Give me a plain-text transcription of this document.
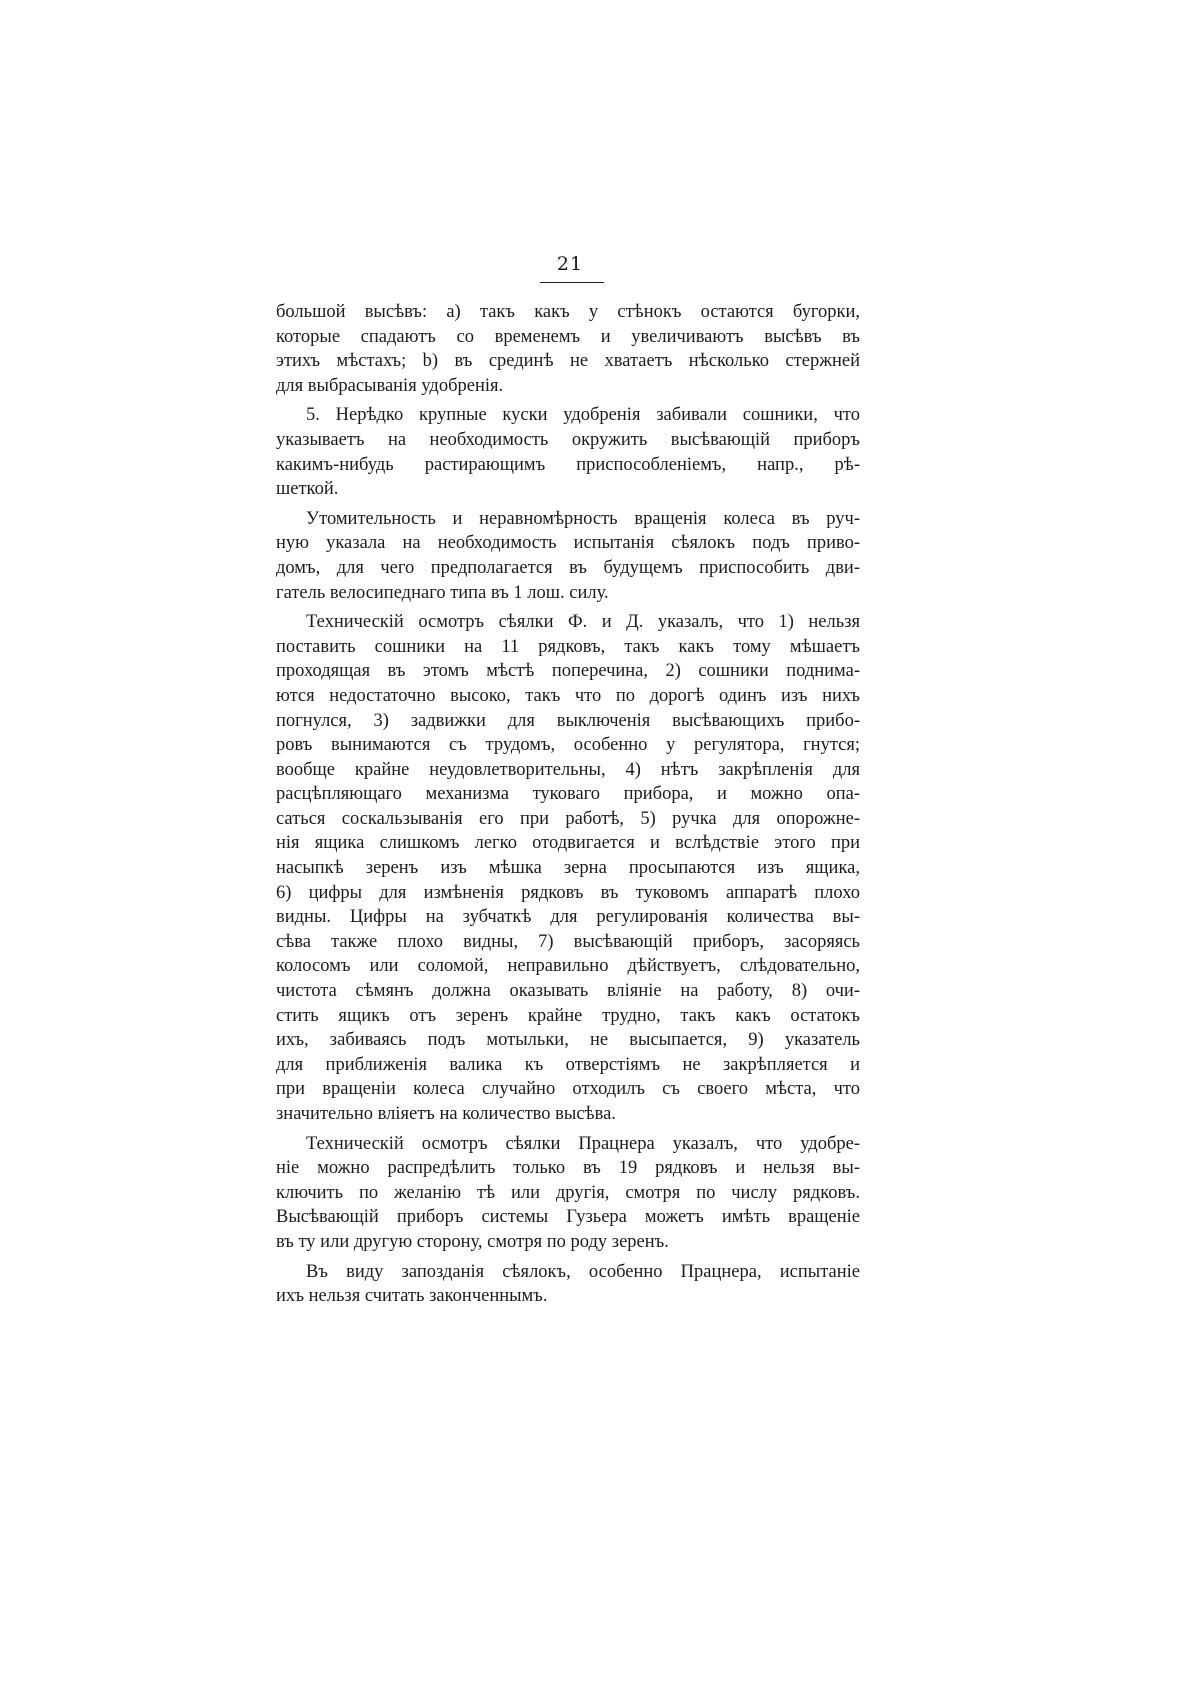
21
большой высѣвъ: а) такъ какъ у стѣнокъ остаются бугорки,
которые спадаютъ со временемъ и увеличиваютъ высѣвъ въ
этихъ мѣстахъ; b) въ срединѣ не хватаетъ нѣсколько стержней
для выбрасыванія удобренія.
5. Нерѣдко крупные куски удобренія забивали сошники, что
указываетъ на необходимость окружить высѣвающій приборъ
какимъ-нибудь растирающимъ приспособленіемъ, напр., рѣ-
шеткой.
Утомительность и неравномѣрность вращенія колеса въ руч-
ную указала на необходимость испытанія сѣялокъ подъ приво-
домъ, для чего предполагается въ будущемъ приспособить дви-
гатель велосипеднаго типа въ 1 лош. силу.
Техническій осмотръ сѣялки Ф. и Д. указалъ, что 1) нельзя
поставить сошники на 11 рядковъ, такъ какъ тому мѣшаетъ
проходящая въ этомъ мѣстѣ поперечина, 2) сошники поднима-
ются недостаточно высоко, такъ что по дорогѣ одинъ изъ нихъ
погнулся, 3) задвижки для выключенія высѣвающихъ прибо-
ровъ вынимаются съ трудомъ, особенно у регулятора, гнутся;
вообще крайне неудовлетворительны, 4) нѣтъ закрѣпленія для
расцѣпляющаго механизма туковаго прибора, и можно опа-
саться соскальзыванія его при работѣ, 5) ручка для опорожне-
нія ящика слишкомъ легко отодвигается и вслѣдствіе этого при
насыпкѣ зеренъ изъ мѣшка зерна просыпаются изъ ящика,
6) цифры для измѣненія рядковъ въ туковомъ аппаратѣ плохо
видны. Цифры на зубчаткѣ для регулированія количества вы-
сѣва также плохо видны, 7) высѣвающій приборъ, засоряясь
колосомъ или соломой, неправильно дѣйствуетъ, слѣдовательно,
чистота сѣмянъ должна оказывать вліяніе на работу, 8) очи-
стить ящикъ отъ зеренъ крайне трудно, такъ какъ остатокъ
ихъ, забиваясь подъ мотыльки, не высыпается, 9) указатель
для приближенія валика къ отверстіямъ не закрѣпляется и
при вращеніи колеса случайно отходилъ съ своего мѣста, что
значительно вліяетъ на количество высѣва.
Техническій осмотръ сѣялки Працнера указалъ, что удобре-
ніе можно распредѣлить только въ 19 рядковъ и нельзя вы-
ключить по желанію тѣ или другія, смотря по числу рядковъ.
Высѣвающій приборъ системы Гузьера можетъ имѣть вращеніе
въ ту или другую сторону, смотря по роду зеренъ.
Въ виду запозданія сѣялокъ, особенно Працнера, испытаніе
ихъ нельзя считать законченнымъ.
